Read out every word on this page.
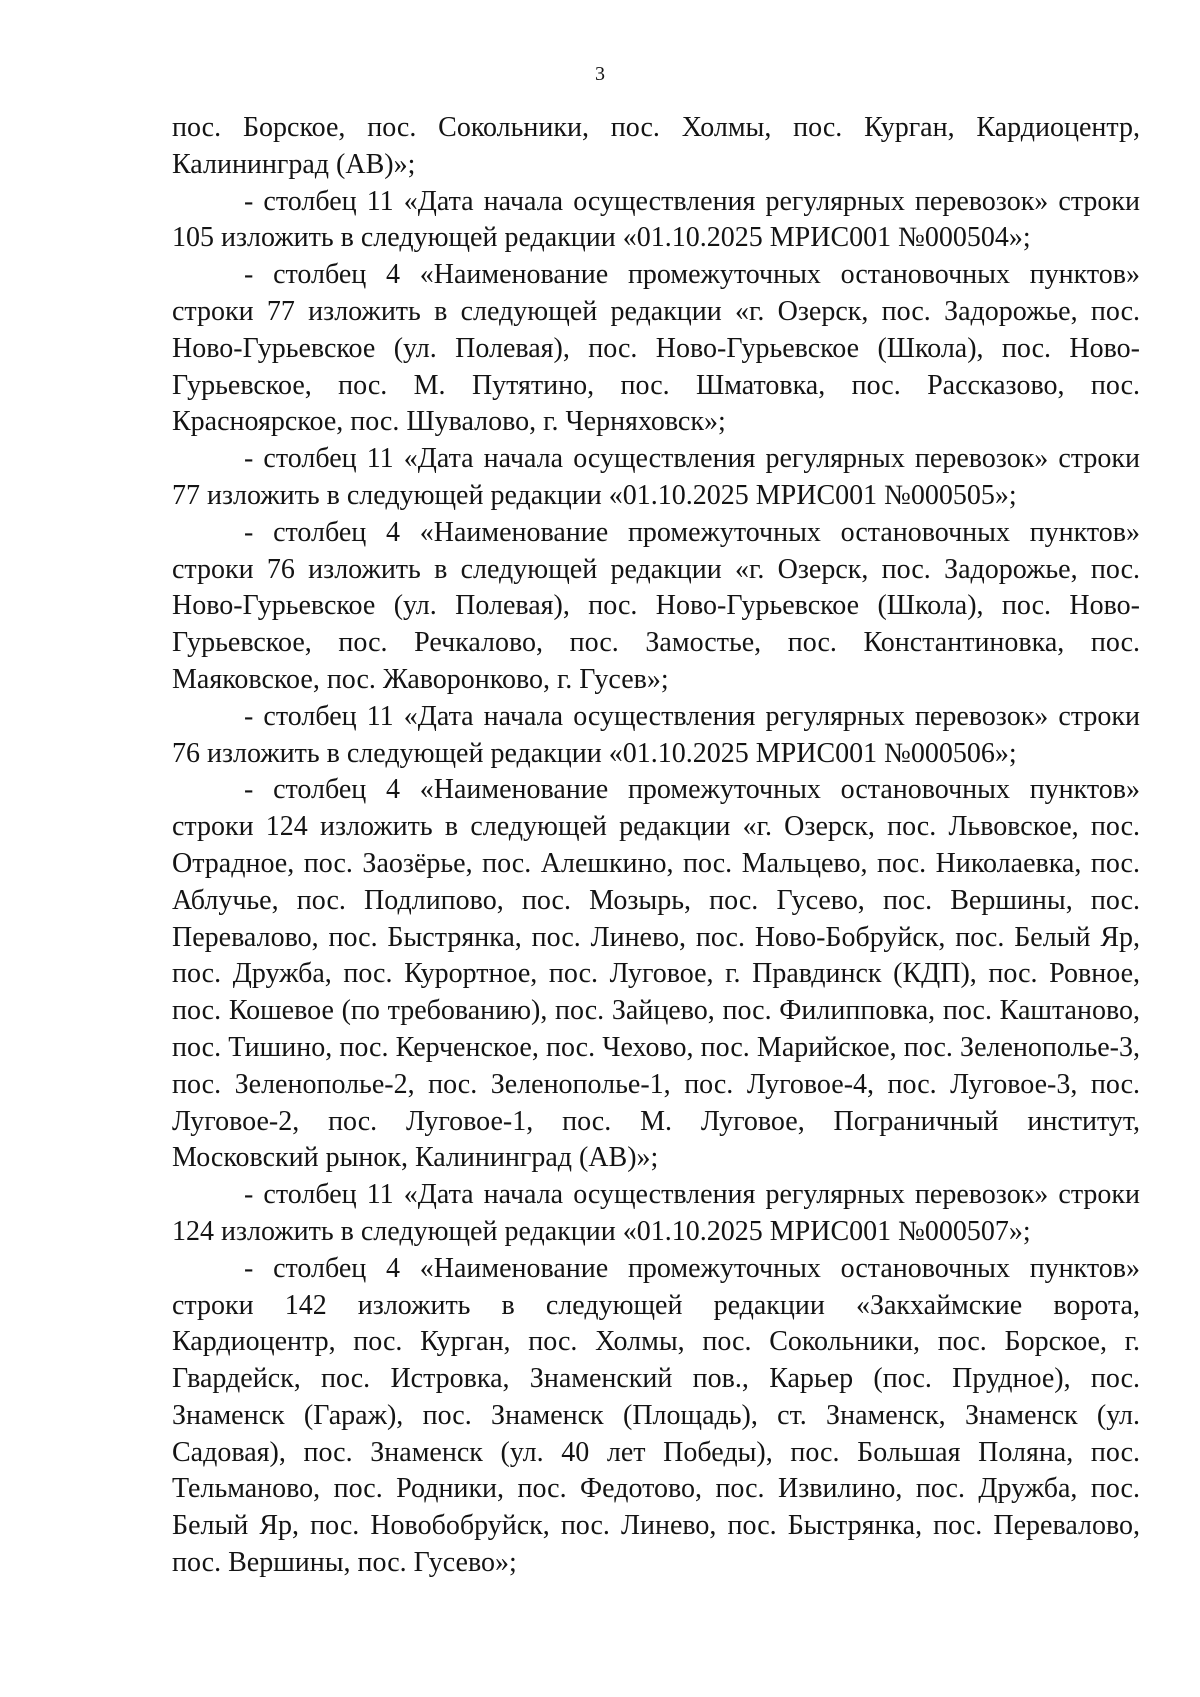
3

пос. Борское, пос. Сокольники, пос. Холмы, пос. Курган, Кардиоцентр, Калининград (АВ)»;

- столбец 11 «Дата начала осуществления регулярных перевозок» строки 105 изложить в следующей редакции «01.10.2025 МРИС001 №000504»;

- столбец 4 «Наименование промежуточных остановочных пунктов» строки 77 изложить в следующей редакции «г. Озерск, пос. Задорожье, пос. Ново-Гурьевское (ул. Полевая), пос. Ново-Гурьевское (Школа), пос. Ново-Гурьевское, пос. М. Путятино, пос. Шматовка, пос. Рассказово, пос. Красноярское, пос. Шувалово, г. Черняховск»;

- столбец 11 «Дата начала осуществления регулярных перевозок» строки 77 изложить в следующей редакции «01.10.2025 МРИС001 №000505»;

- столбец 4 «Наименование промежуточных остановочных пунктов» строки 76 изложить в следующей редакции «г. Озерск, пос. Задорожье, пос. Ново-Гурьевское (ул. Полевая), пос. Ново-Гурьевское (Школа), пос. Ново-Гурьевское, пос. Речкалово, пос. Замостье, пос. Константиновка, пос. Маяковское, пос. Жаворонково, г. Гусев»;

- столбец 11 «Дата начала осуществления регулярных перевозок» строки 76 изложить в следующей редакции «01.10.2025 МРИС001 №000506»;

- столбец 4 «Наименование промежуточных остановочных пунктов» строки 124 изложить в следующей редакции «г. Озерск, пос. Львовское, пос. Отрадное, пос. Заозёрье, пос. Алешкино, пос. Мальцево, пос. Николаевка, пос. Аблучье, пос. Подлипово, пос. Мозырь, пос. Гусево, пос. Вершины, пос. Перевалово, пос. Быстрянка, пос. Линево, пос. Ново-Бобруйск, пос. Белый Яр, пос. Дружба, пос. Курортное, пос. Луговое, г. Правдинск (КДП), пос. Ровное, пос. Кошевое (по требованию), пос. Зайцево, пос. Филипповка, пос. Каштаново, пос. Тишино, пос. Керченское, пос. Чехово, пос. Марийское, пос. Зеленополье-3, пос. Зеленополье-2, пос. Зеленополье-1, пос. Луговое-4, пос. Луговое-3, пос. Луговое-2, пос. Луговое-1, пос. М. Луговое, Пограничный институт, Московский рынок, Калининград (АВ)»;

- столбец 11 «Дата начала осуществления регулярных перевозок» строки 124 изложить в следующей редакции «01.10.2025 МРИС001 №000507»;

- столбец 4 «Наименование промежуточных остановочных пунктов» строки 142 изложить в следующей редакции «Закхаймские ворота, Кардиоцентр, пос. Курган, пос. Холмы, пос. Сокольники, пос. Борское, г. Гвардейск, пос. Истровка, Знаменский пов., Карьер (пос. Прудное), пос. Знаменск (Гараж), пос. Знаменск (Площадь), ст. Знаменск, Знаменск (ул. Садовая), пос. Знаменск (ул. 40 лет Победы), пос. Большая Поляна, пос. Тельманово, пос. Родники, пос. Федотово, пос. Извилино, пос. Дружба, пос. Белый Яр, пос. Новобобруйск, пос. Линево, пос. Быстрянка, пос. Перевалово, пос. Вершины, пос. Гусево»;
